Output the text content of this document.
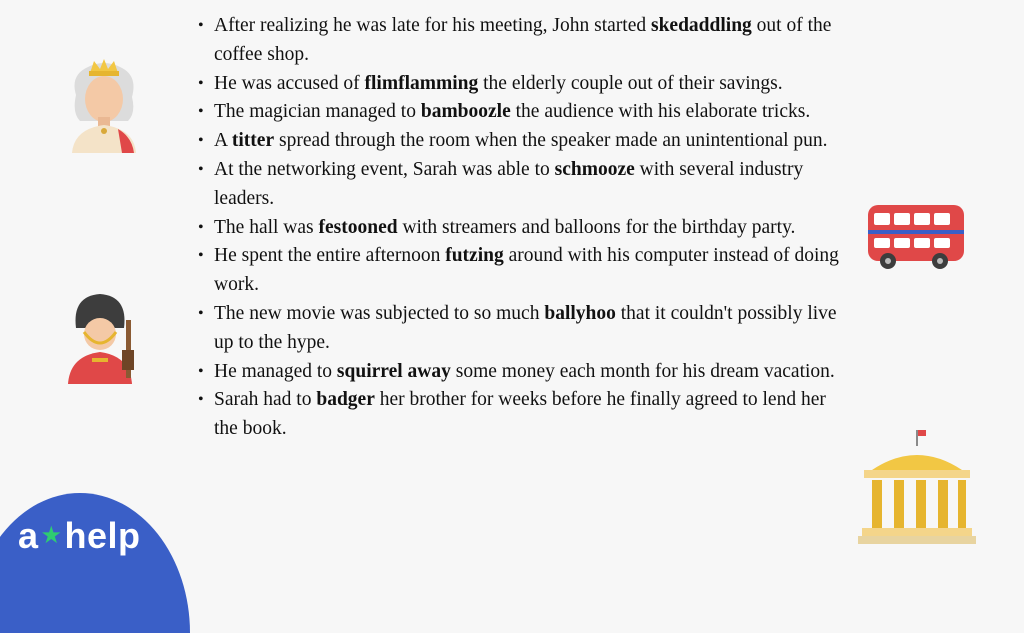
• After realizing he was late for his meeting, John started skedaddling out of the coffee shop.
• He was accused of flimflamming the elderly couple out of their savings.
• The magician managed to bamboozle the audience with his elaborate tricks.
• A titter spread through the room when the speaker made an unintentional pun.
• At the networking event, Sarah was able to schmooze with several industry leaders.
• The hall was festooned with streamers and balloons for the birthday party.
• He spent the entire afternoon futzing around with his computer instead of doing work.
• The new movie was subjected to so much ballyhoo that it couldn't possibly live up to the hype.
• He managed to squirrel away some money each month for his dream vacation.
• Sarah had to badger her brother for weeks before he finally agreed to lend her the book.
a★help
